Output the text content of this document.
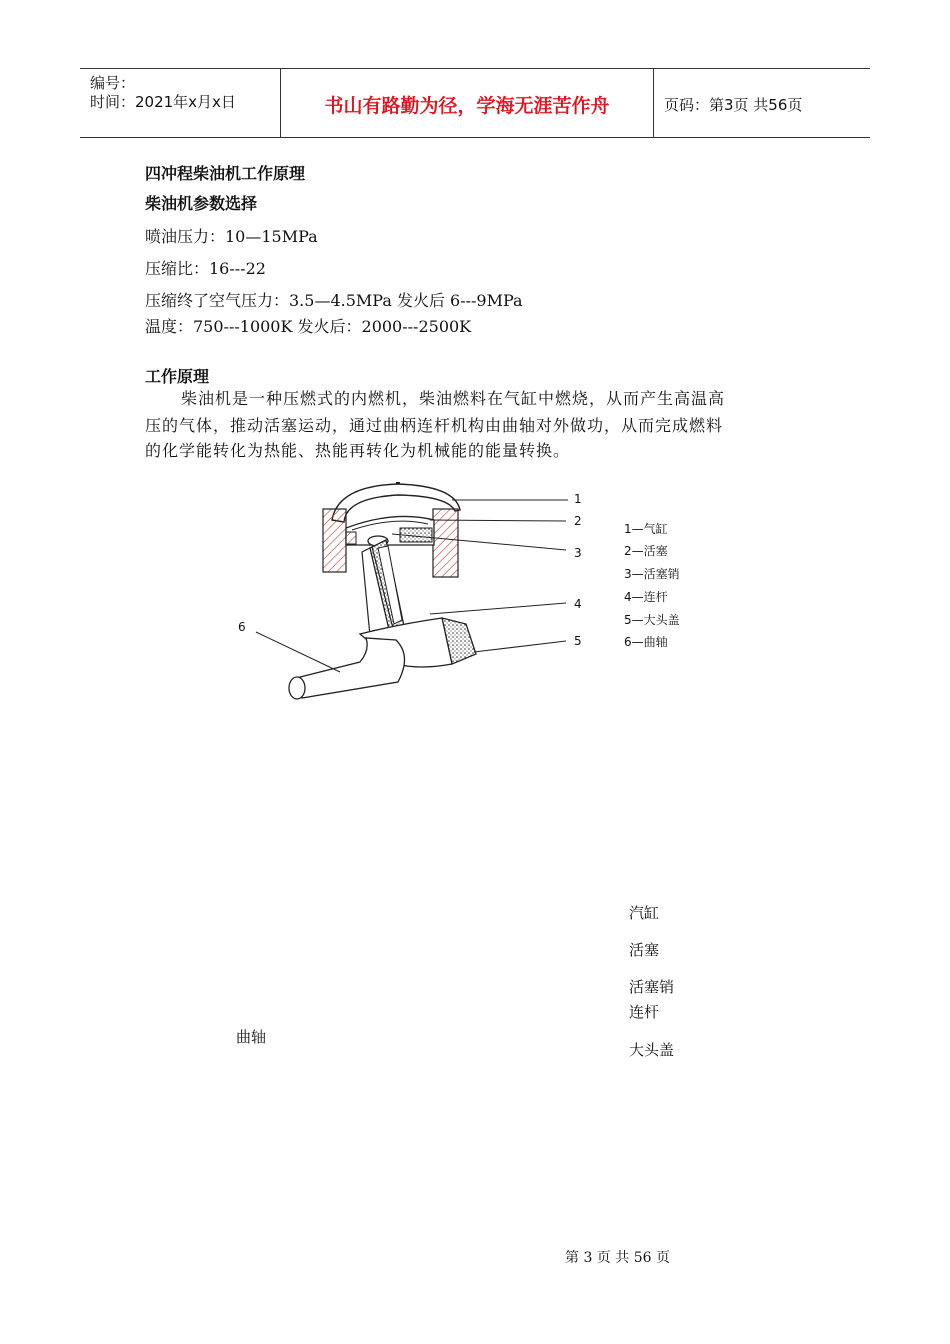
编号：
时间：2021年x月x日	书山有路勤为径，学海无涯苦作舟	页码：第3页 共56页
四冲程柴油机工作原理
柴油机参数选择
喷油压力：10—15MPa
压缩比：16---22
压缩终了空气压力：3.5—4.5MPa 发火后 6---9MPa
温度：750---1000K 发火后：2000---2500K
工作原理
柴油机是一种压燃式的内燃机，柴油燃料在气缸中燃烧，从而产生高温高
压的气体，推动活塞运动，通过曲柄连杆机构由曲轴对外做功，从而完成燃料
的化学能转化为热能、热能再转化为机械能的能量转换。
1
2
3
4
5
6
1—气缸
2—活塞
3—活塞销
4—连杆
5—大头盖
6—曲轴
汽缸
活塞
活塞销
连杆
大头盖
曲轴
第 3 页 共 56 页
